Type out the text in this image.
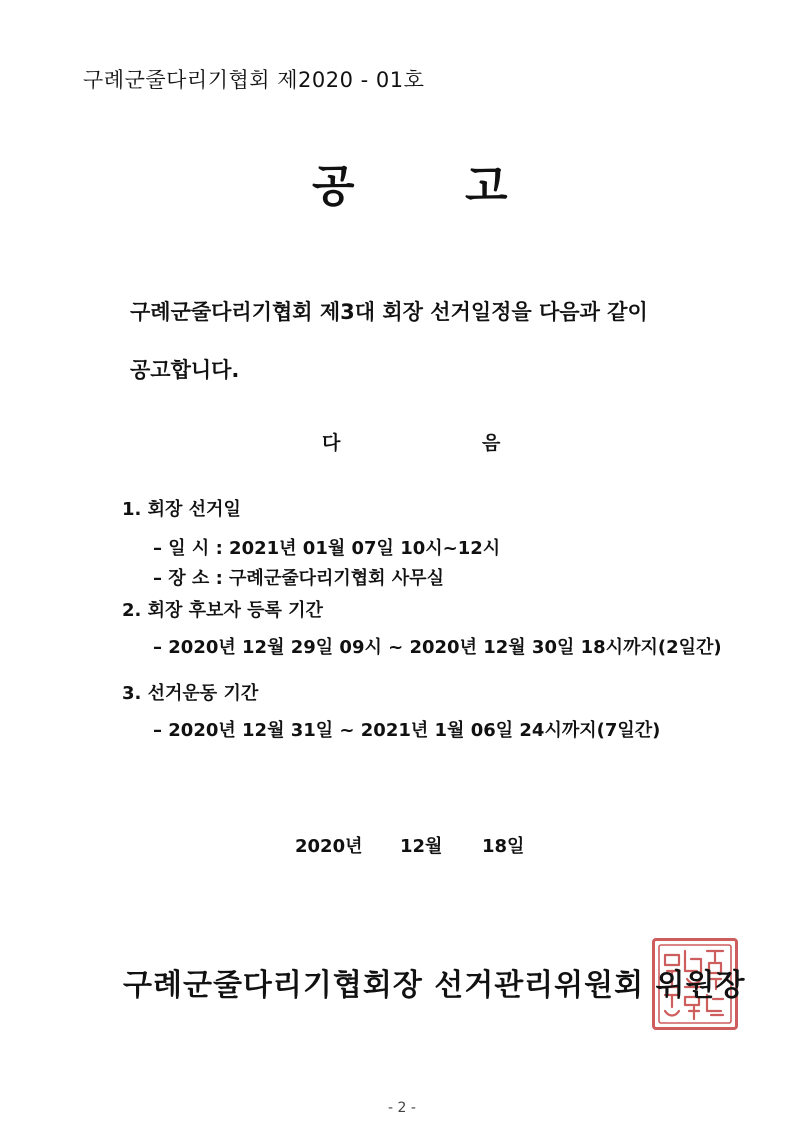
구례군줄다리기협회 제2020 - 01호
공	고
구례군줄다리기협회 제3대 회장 선거일정을 다음과 같이
공고합니다.
다	음
1. 회장 선거일
– 일 시 : 2021년 01월 07일 10시~12시
– 장 소 : 구례군줄다리기협회 사무실
2. 회장 후보자 등록 기간
– 2020년 12월 29일 09시 ~ 2020년 12월 30일 18시까지(2일간)
3. 선거운동 기간
– 2020년 12월 31일 ~ 2021년 1월 06일 24시까지(7일간)
2020년 12월 18일
구례군줄다리기협회장 선거관리위원회 위원장
- 2 -
